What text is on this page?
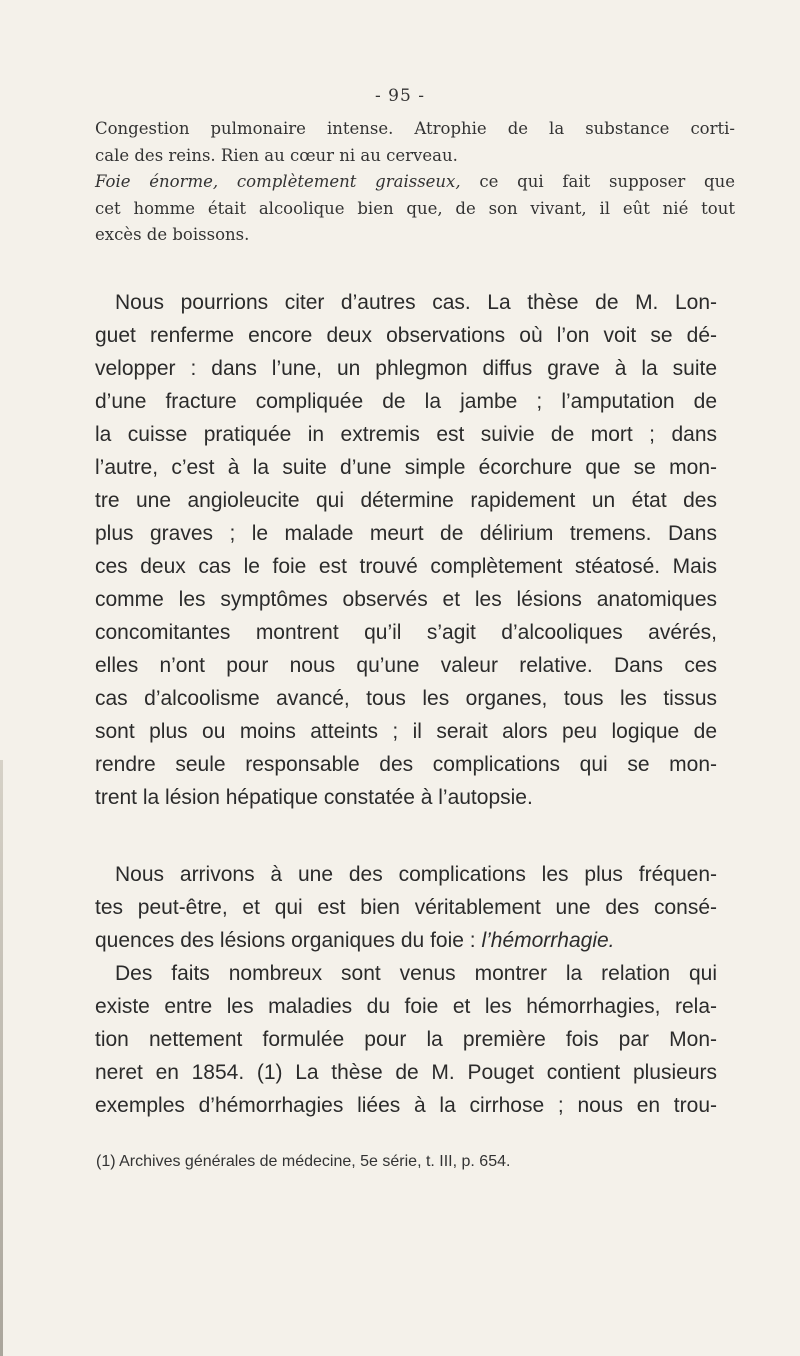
- 95 -
Congestion pulmonaire intense. Atrophie de la substance corti-
cale des reins. Rien au cœur ni au cerveau.
Foie énorme, complètement graisseux, ce qui fait supposer que
cet homme était alcoolique bien que, de son vivant, il eût nié tout
excès de boissons.
Nous pourrions citer d’autres cas. La thèse de M. Lon-
guet renferme encore deux observations où l’on voit se dé-
velopper : dans l’une, un phlegmon diffus grave à la suite
d’une fracture compliquée de la jambe ; l’amputation de
la cuisse pratiquée in extremis est suivie de mort ; dans
l’autre, c’est à la suite d’une simple écorchure que se mon-
tre une angioleucite qui détermine rapidement un état des
plus graves ; le malade meurt de délirium tremens. Dans
ces deux cas le foie est trouvé complètement stéatosé. Mais
comme les symptômes observés et les lésions anatomiques
concomitantes montrent qu’il s’agit d’alcooliques avérés,
elles n’ont pour nous qu’une valeur relative. Dans ces
cas d’alcoolisme avancé, tous les organes, tous les tissus
sont plus ou moins atteints ; il serait alors peu logique de
rendre seule responsable des complications qui se mon-
trent la lésion hépatique constatée à l’autopsie.
Nous arrivons à une des complications les plus fréquen-
tes peut-être, et qui est bien véritablement une des consé-
quences des lésions organiques du foie : l’hémorrhagie.
Des faits nombreux sont venus montrer la relation qui
existe entre les maladies du foie et les hémorrhagies, rela-
tion nettement formulée pour la première fois par Mon-
neret en 1854. (1) La thèse de M. Pouget contient plusieurs
exemples d’hémorrhagies liées à la cirrhose ; nous en trou-
(1) Archives générales de médecine, 5e série, t. III, p. 654.
